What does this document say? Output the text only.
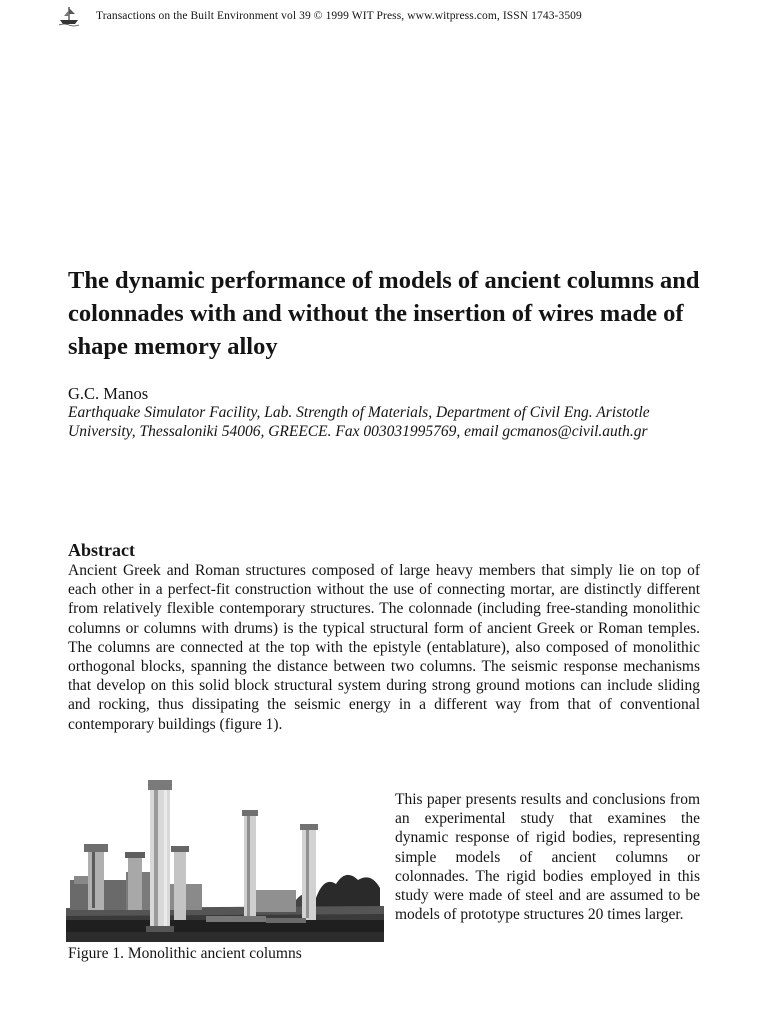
Transactions on the Built Environment vol 39 © 1999 WIT Press, www.witpress.com, ISSN 1743-3509
The dynamic performance of models of ancient columns and colonnades with and without the insertion of wires made of shape memory alloy
G.C. Manos
Earthquake Simulator Facility, Lab. Strength of Materials, Department of Civil Eng. Aristotle University, Thessaloniki 54006, GREECE. Fax 003031995769, email gcmanos@civil.auth.gr
Abstract

Ancient Greek and Roman structures composed of large heavy members that simply lie on top of each other in a perfect-fit construction without the use of connecting mortar, are distinctly different from relatively flexible contemporary structures. The colonnade (including free-standing monolithic columns or columns with drums) is the typical structural form of ancient Greek or Roman temples. The columns are connected at the top with the epistyle (entablature), also composed of monolithic orthogonal blocks, spanning the distance between two columns. The seismic response mechanisms that develop on this solid block structural system during strong ground motions can include sliding and rocking, thus dissipating the seismic energy in a different way from that of conventional contemporary buildings (figure 1).

Figure 1. Monolithic ancient columns

This paper presents results and conclusions from an experimental study that examines the dynamic response of rigid bodies, representing simple models of ancient columns or colonnades. The rigid bodies employed in this study were made of steel and are assumed to be models of prototype structures 20 times larger.
